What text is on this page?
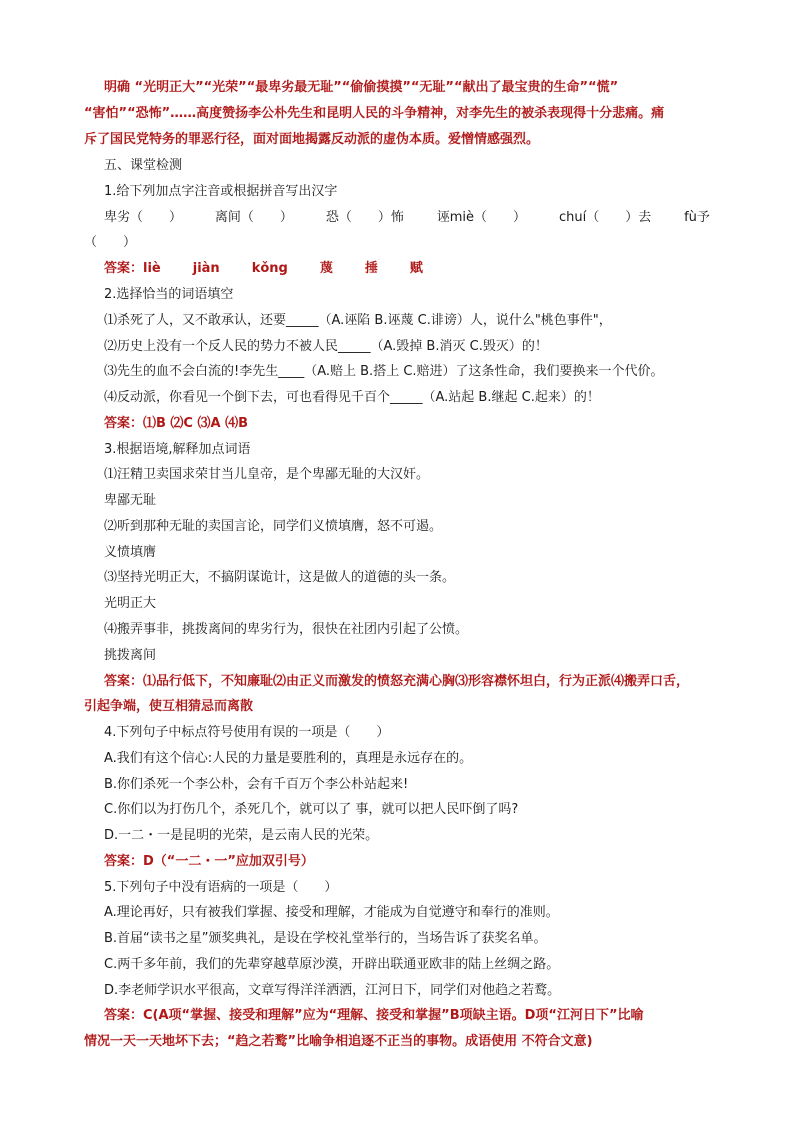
明确 “光明正大”“光荣”“最卑劣最无耻”“偷偷摸摸”“无耻”“献出了最宝贵的生命”“慌”

“害怕”“恐怖”……高度赞扬李公朴先生和昆明人民的斗争精神，对李先生的被杀表现得十分悲痛。痛

斥了国民党特务的罪恶行径，面对面地揭露反动派的虚伪本质。爱憎情感强烈。

五、课堂检测

1.给下列加点字注音或根据拼音写出汉字

卑劣（　　）	离间（　　）	恐（　　）怖	诬miè（　　）	chuí（　　）去	fù予

（　　）

答案：liè jiàn kǒng 蔑 捶 赋

2.选择恰当的词语填空

⑴杀死了人，又不敢承认，还要_____（A.诬陷 B.诬蔑 C.诽谤）人，说什么"桃色事件"，

⑵历史上没有一个反人民的势力不被人民_____（A.毁掉 B.消灭 C.毁灭）的！

⑶先生的血不会白流的!李先生____（A.赔上 B.搭上 C.赔进）了这条性命，我们要换来一个代价。

⑷反动派，你看见一个倒下去，可也看得见千百个_____（A.站起 B.继起 C.起来）的！

答案：⑴B ⑵C ⑶A ⑷B

3.根据语境,解释加点词语

⑴汪精卫卖国求荣甘当儿皇帝，是个卑鄙无耻的大汉奸。

卑鄙无耻

⑵听到那种无耻的卖国言论，同学们义愤填膺，怒不可遏。

义愤填膺

⑶坚持光明正大，不搞阴谋诡计，这是做人的道德的头一条。

光明正大

⑷搬弄事非，挑拨离间的卑劣行为，很快在社团内引起了公愤。

挑拨离间

答案：⑴品行低下，不知廉耻⑵由正义而激发的愤怒充满心胸⑶形容襟怀坦白，行为正派⑷搬弄口舌，

引起争端，使互相猜忌而离散

4.下列句子中标点符号使用有误的一项是（　　）

A.我们有这个信心:人民的力量是要胜利的，真理是永远存在的。

B.你们杀死一个李公朴，会有千百万个李公朴站起来!

C.你们以为打伤几个，杀死几个，就可以了 事，就可以把人民吓倒了吗?

D.一二・一是昆明的光荣，是云南人民的光荣。

答案：D（“一二・一”应加双引号）

5.下列句子中没有语病的一项是（　　）

A.理论再好，只有被我们掌握、接受和理解，才能成为自觉遵守和奉行的准则。

B.首届“读书之星”颁奖典礼，是设在学校礼堂举行的，当场告诉了获奖名单。

C.两千多年前，我们的先辈穿越草原沙漠，开辟出联通亚欧非的陆上丝绸之路。

D.李老师学识水平很高，文章写得洋洋洒洒，江河日下，同学们对他趋之若鹜。

答案：C(A项“掌握、接受和理解”应为“理解、接受和掌握”B项缺主语。D项“江河日下”比喻

情况一天一天地坏下去；“趋之若鹜”比喻争相追逐不正当的事物。成语使用 不符合文意)
